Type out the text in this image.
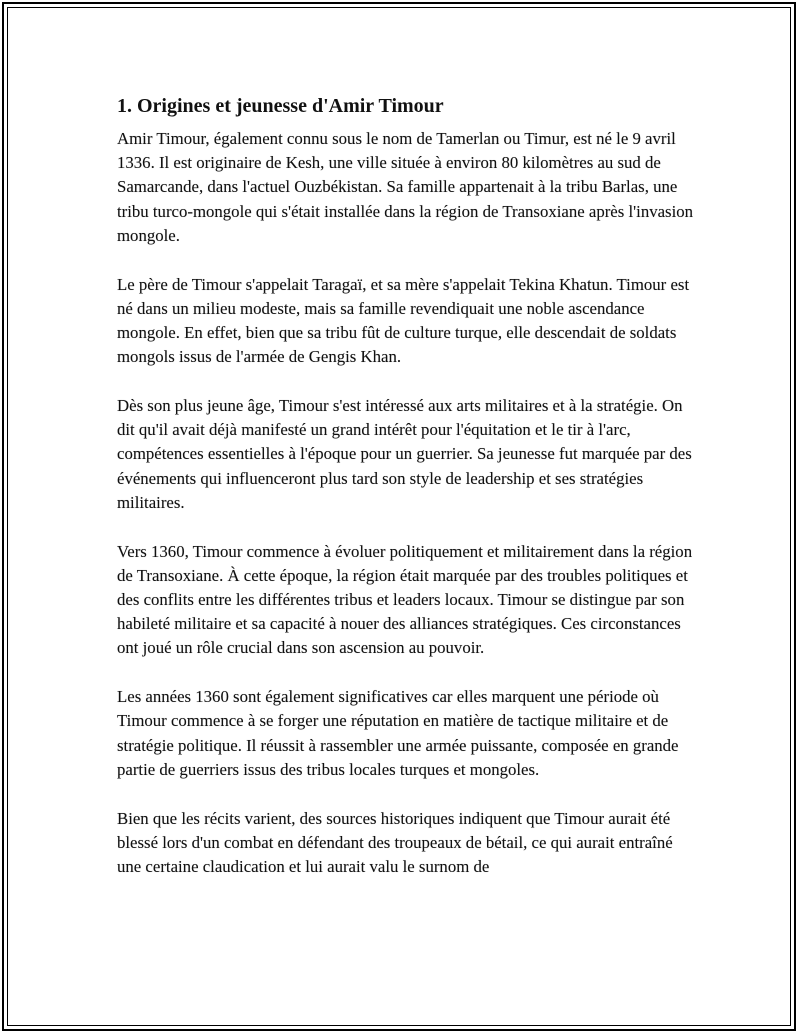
1. Origines et jeunesse d'Amir Timour

Amir Timour, également connu sous le nom de Tamerlan ou Timur, est né le 9 avril 1336. Il est originaire de Kesh, une ville située à environ 80 kilomètres au sud de Samarcande, dans l'actuel Ouzbékistan. Sa famille appartenait à la tribu Barlas, une tribu turco-mongole qui s'était installée dans la région de Transoxiane après l'invasion mongole.

Le père de Timour s'appelait Taragaï, et sa mère s'appelait Tekina Khatun. Timour est né dans un milieu modeste, mais sa famille revendiquait une noble ascendance mongole. En effet, bien que sa tribu fût de culture turque, elle descendait de soldats mongols issus de l'armée de Gengis Khan.

Dès son plus jeune âge, Timour s'est intéressé aux arts militaires et à la stratégie. On dit qu'il avait déjà manifesté un grand intérêt pour l'équitation et le tir à l'arc, compétences essentielles à l'époque pour un guerrier. Sa jeunesse fut marquée par des événements qui influenceront plus tard son style de leadership et ses stratégies militaires.

Vers 1360, Timour commence à évoluer politiquement et militairement dans la région de Transoxiane. À cette époque, la région était marquée par des troubles politiques et des conflits entre les différentes tribus et leaders locaux. Timour se distingue par son habileté militaire et sa capacité à nouer des alliances stratégiques. Ces circonstances ont joué un rôle crucial dans son ascension au pouvoir.

Les années 1360 sont également significatives car elles marquent une période où Timour commence à se forger une réputation en matière de tactique militaire et de stratégie politique. Il réussit à rassembler une armée puissante, composée en grande partie de guerriers issus des tribus locales turques et mongoles.

Bien que les récits varient, des sources historiques indiquent que Timour aurait été blessé lors d'un combat en défendant des troupeaux de bétail, ce qui aurait entraîné une certaine claudication et lui aurait valu le surnom de
